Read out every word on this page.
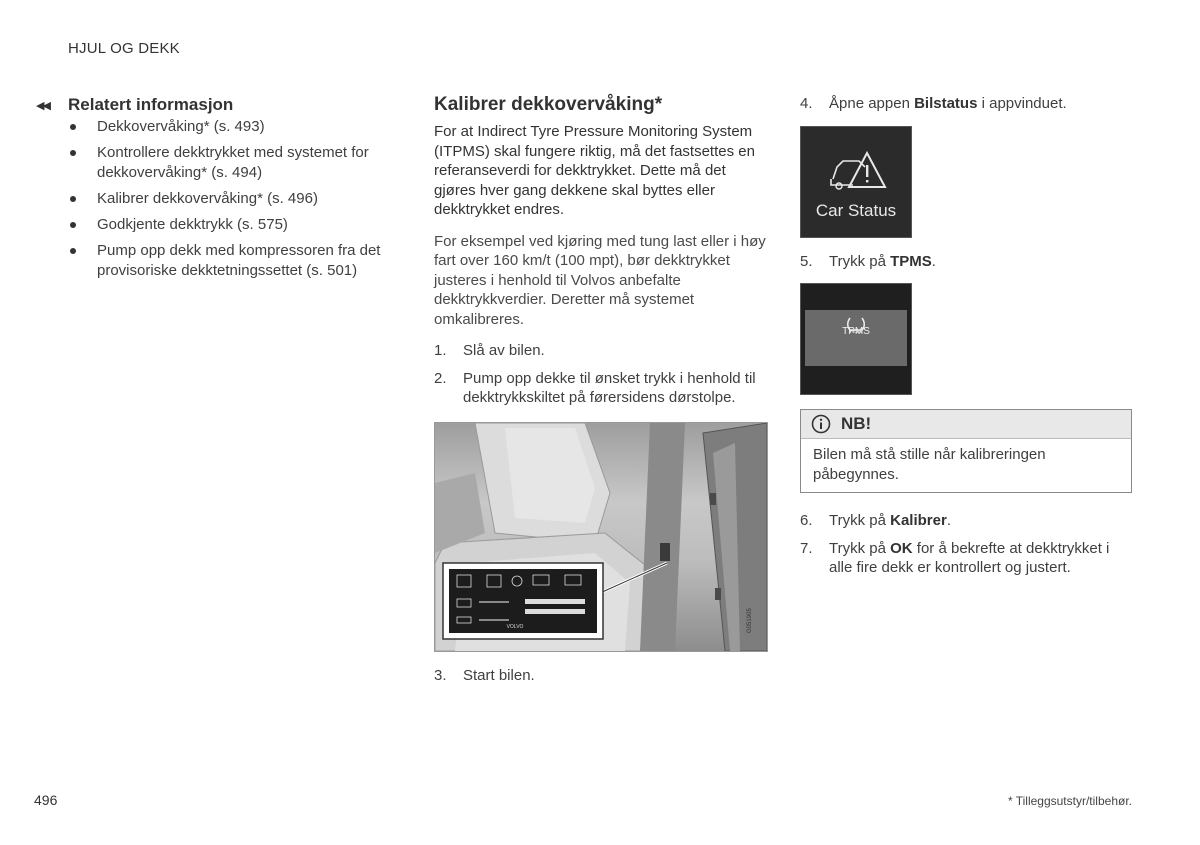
HJUL OG DEKK
◀◀	Relatert informasjon
Dekkovervåking* (s. 493)
Kontrollere dekktrykket med systemet for dekkovervåking* (s. 494)
Kalibrer dekkovervåking* (s. 496)
Godkjente dekktrykk (s. 575)
Pump opp dekk med kompressoren fra det provisoriske dekktetningssettet (s. 501)
Kalibrer dekkovervåking*

For at Indirect Tyre Pressure Monitoring System (ITPMS) skal fungere riktig, må det fastsettes en referanseverdi for dekktrykket. Dette må det gjøres hver gang dekkene skal byttes eller dekktrykket endres.

For eksempel ved kjøring med tung last eller i høy fart over 160 km/t (100 mpt), bør dekktrykket justeres i henhold til Volvos anbefalte dekktrykkverdier. Deretter må systemet omkalibreres.

1.	Slå av bilen.
2.	Pump opp dekke til ønsket trykk i henhold til dekktrykkskiltet på førersidens dørstolpe.
VOLVO	G051905
3.	Start bilen.
4.	Åpne appen Bilstatus i appvinduet.
Car Status
5.	Trykk på TPMS.
TPMS
NB!
Bilen må stå stille når kalibreringen påbegynnes.
6.	Trykk på Kalibrer.
7.	Trykk på OK for å bekrefte at dekktrykket i alle fire dekk er kontrollert og justert.
496	* Tilleggsutstyr/tilbehør.
